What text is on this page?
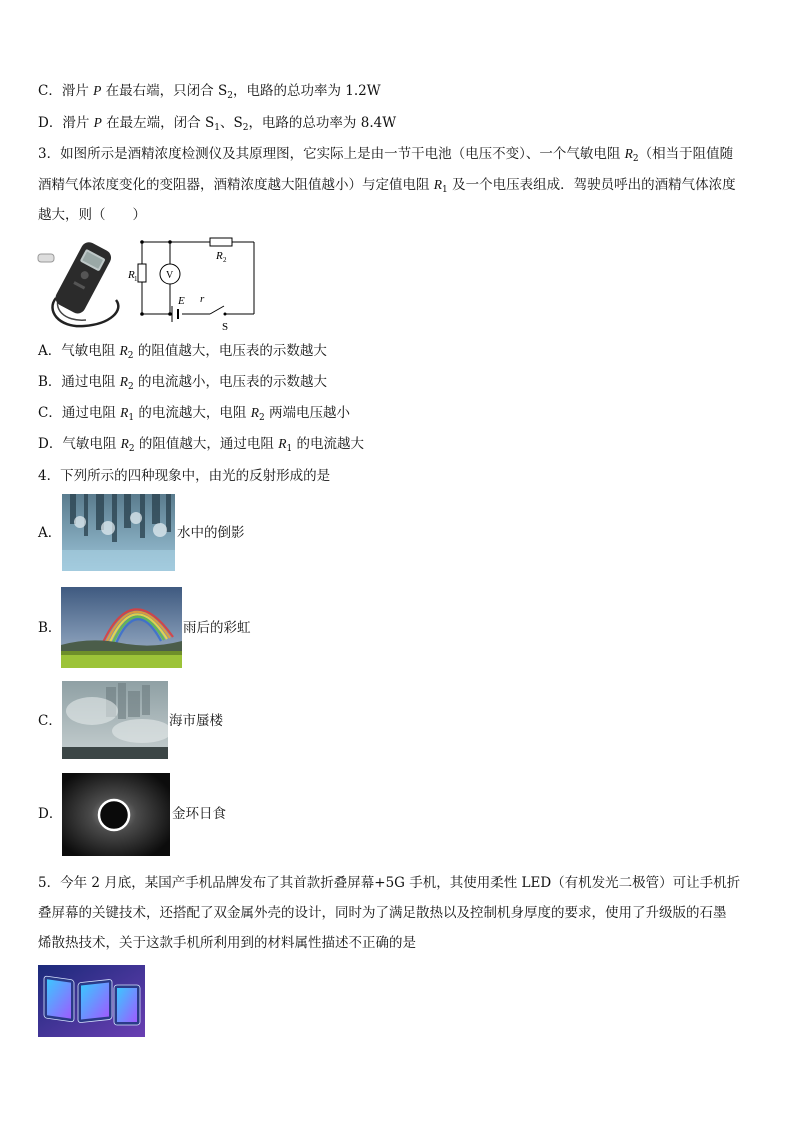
C．滑片 P 在最右端，只闭合 $S_2$，电路的总功率为 1.2W
D．滑片 P 在最左端，闭合 $S_1$、$S_2$，电路的总功率为 8.4W
3．如图所示是酒精浓度检测仪及其原理图，它实际上是由一节干电池（电压不变）、一个气敏电阻 $R_2$（相当于阻值随
酒精气体浓度变化的变阻器，酒精浓度越大阻值越小）与定值电阻 $R_1$ 及一个电压表组成．驾驶员呼出的酒精气体浓度
越大，则（　　）
R 1	V
R 2
E r
S
A．气敏电阻 $R_2$ 的阻值越大，电压表的示数越大
B．通过电阻 $R_2$ 的电流越小，电压表的示数越大
C．通过电阻 $R_1$ 的电流越大，电阻 $R_2$ 两端电压越小
D．气敏电阻 $R_2$ 的阻值越大，通过电阻 $R_1$ 的电流越大
4．下列所示的四种现象中，由光的反射形成的是
A．	水中的倒影
B．	雨后的彩虹
C．	海市蜃楼
D．	金环日食
5．今年 2 月底，某国产手机品牌发布了其首款折叠屏幕+5G 手机，其使用柔性 LED（有机发光二极管）可让手机折
叠屏幕的关键技术，还搭配了双金属外壳的设计，同时为了满足散热以及控制机身厚度的要求，使用了升级版的石墨
烯散热技术，关于这款手机所利用到的材料属性描述不正确的是
